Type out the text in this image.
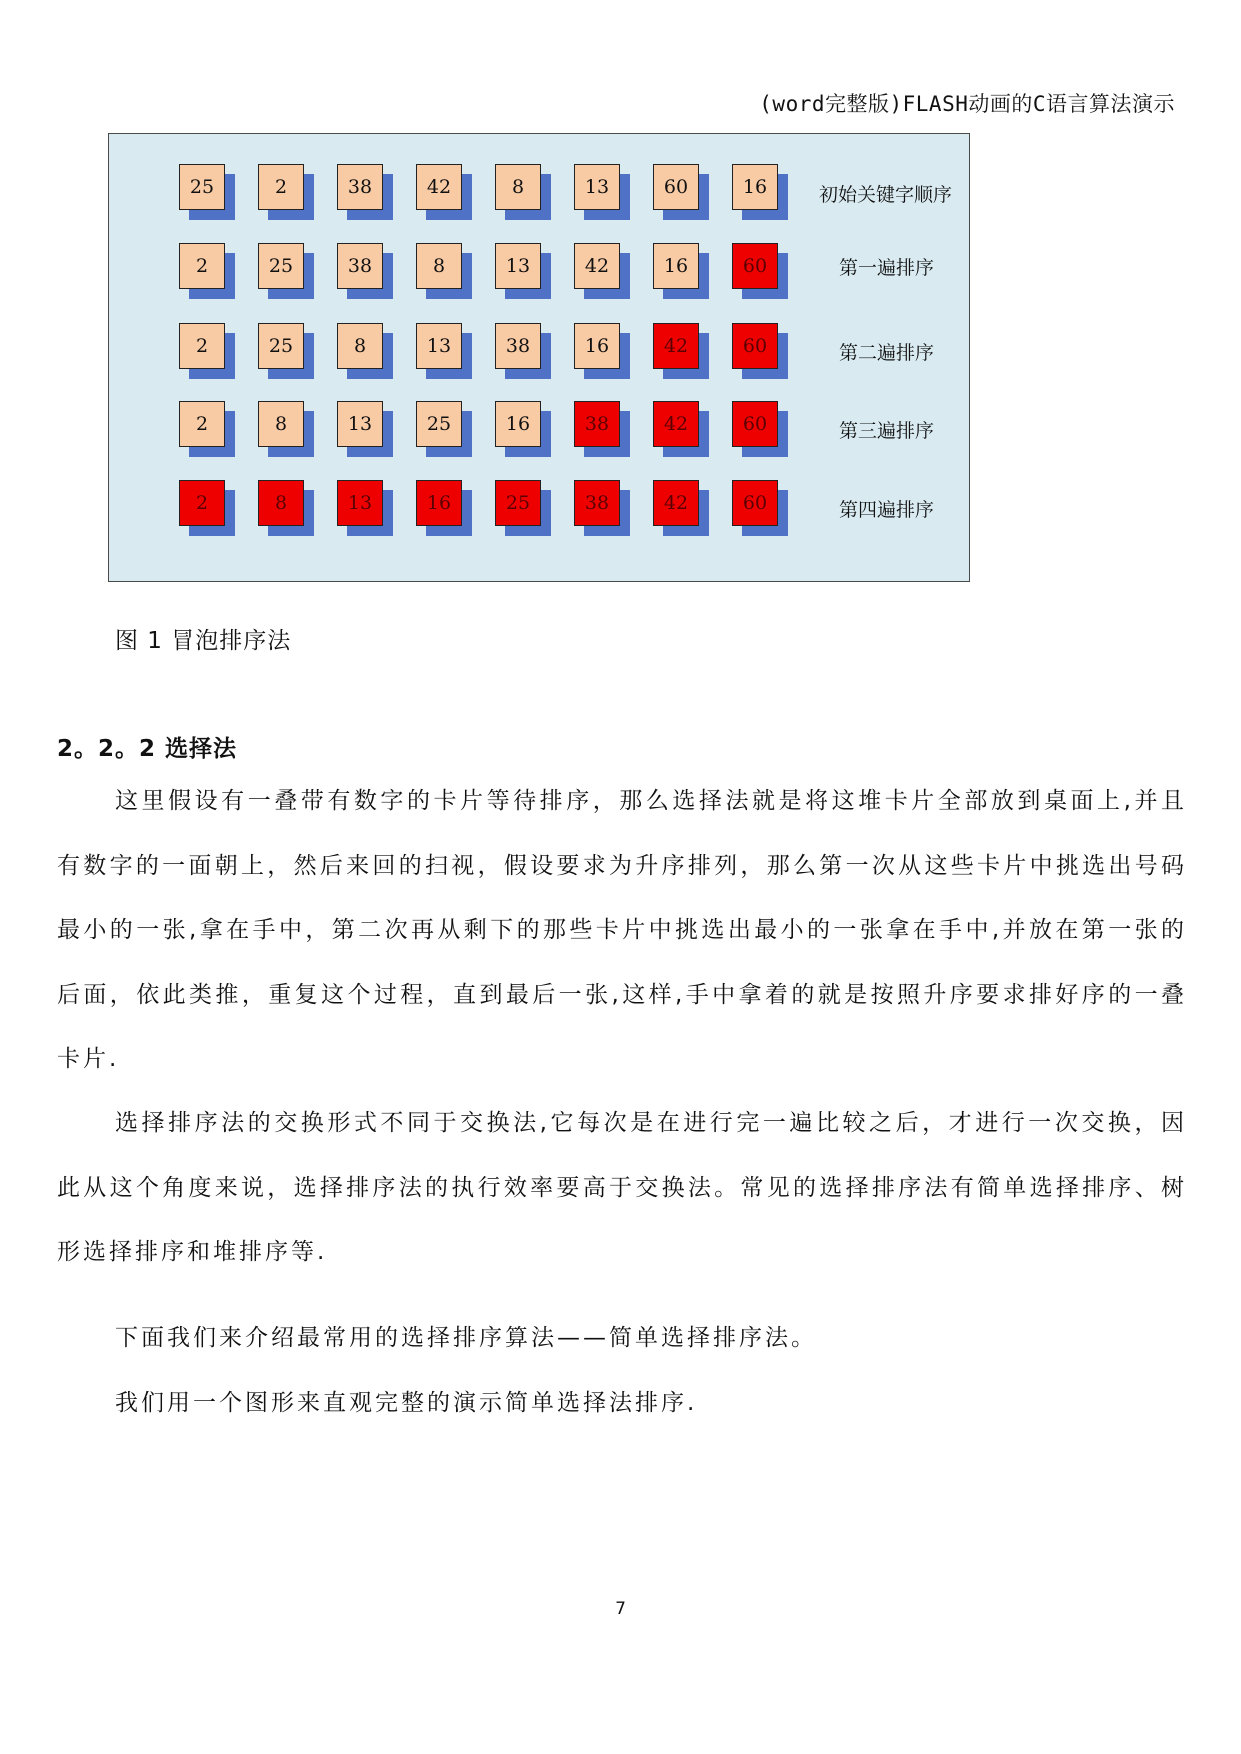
(word完整版)FLASH动画的C语言算法演示
25	2	38	42	8	13	60	16	初始关键字顺序
2	25	38	8	13	42	16	60	第一遍排序
2	25	8	13	38	16	42	60	第二遍排序
2	8	13	25	16	38	42	60	第三遍排序
2	8	13	16	25	38	42	60	第四遍排序
图 1 冒泡排序法
2。2。2 选择法
这里假设有一叠带有数字的卡片等待排序，那么选择法就是将这堆卡片全部放到桌面上,并且有数字的一面朝上，然后来回的扫视，假设要求为升序排列，那么第一次从这些卡片中挑选出号码最小的一张,拿在手中，第二次再从剩下的那些卡片中挑选出最小的一张拿在手中,并放在第一张的后面，依此类推，重复这个过程，直到最后一张,这样,手中拿着的就是按照升序要求排好序的一叠卡片.
选择排序法的交换形式不同于交换法,它每次是在进行完一遍比较之后，才进行一次交换，因此从这个角度来说，选择排序法的执行效率要高于交换法。常见的选择排序法有简单选择排序、树形选择排序和堆排序等.
下面我们来介绍最常用的选择排序算法——简单选择排序法。
我们用一个图形来直观完整的演示简单选择法排序.
7
